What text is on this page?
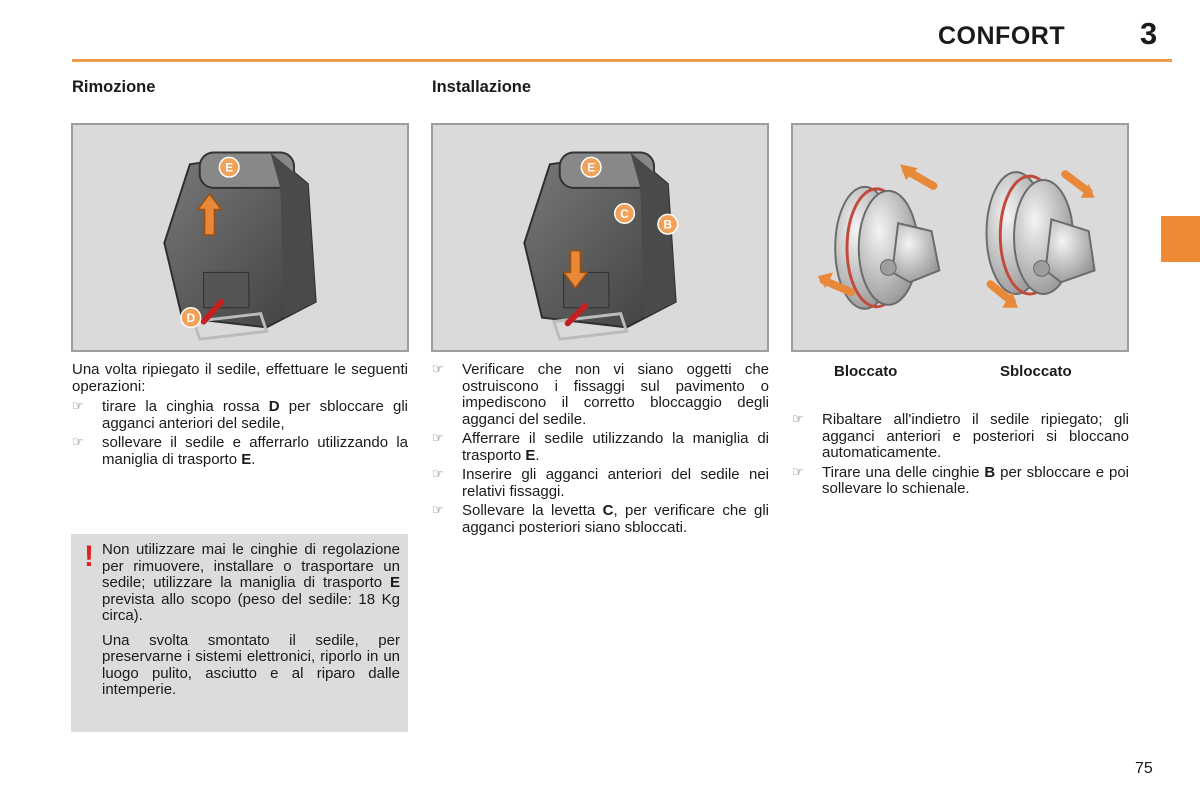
CONFORT 3
Rimozione	Installazione
E
D
E
C
B
Bloccato	Sbloccato

Una volta ripiegato il sedile, effettuare le seguenti operazioni:

☞ tirare la cinghia rossa D per sbloccare gli agganci anteriori del sedile,
☞ sollevare il sedile e afferrarlo utilizzando la maniglia di trasporto E.
! Non utilizzare mai le cinghie di regolazione per rimuovere, installare o trasportare un sedile; utilizzare la maniglia di trasporto E prevista allo scopo (peso del sedile: 18 Kg circa).

Una svolta smontato il sedile, per preservarne i sistemi elettronici, riporlo in un luogo pulito, asciutto e al riparo dalle intemperie.

☞ Verificare che non vi siano oggetti che ostruiscono i fissaggi sul pavimento o impediscono il corretto bloccaggio degli agganci del sedile.
☞ Afferrare il sedile utilizzando la maniglia di trasporto E.
☞ Inserire gli agganci anteriori del sedile nei relativi fissaggi.
☞ Sollevare la levetta C, per verificare che gli agganci posteriori siano sbloccati.
☞ Ribaltare all'indietro il sedile ripiegato; gli agganci anteriori e posteriori si bloccano automaticamente.
☞ Tirare una delle cinghie B per sbloccare e poi sollevare lo schienale.
75
